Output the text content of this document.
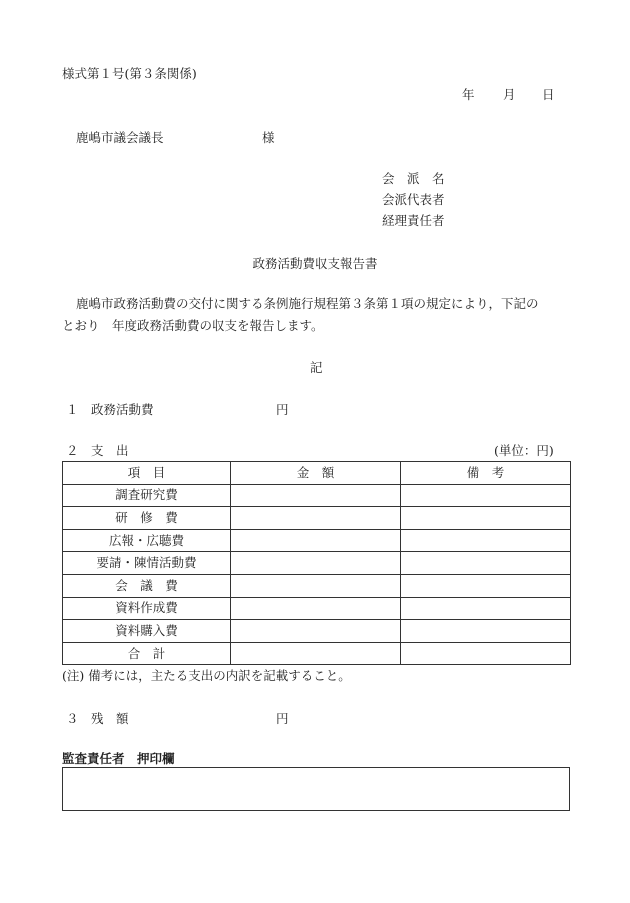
様式第１号(第３条関係)
年 月 日
鹿嶋市議会議長	様
会　派　名
会派代表者
経理責任者
政務活動費収支報告書
鹿嶋市政務活動費の交付に関する条例施行規程第３条第１項の規定により，下記の
とおり　年度政務活動費の収支を報告します。
記
１　政務活動費	円
２　支　出	(単位：円)
項　目	金　額	備　考
調査研究費		
研　修　費		
広報・広聴費		
要請・陳情活動費		
会　議　費		
資料作成費		
資料購入費		
合　計		
(注) 備考には，主たる支出の内訳を記載すること。
３　残　額	円
監査責任者　押印欄
